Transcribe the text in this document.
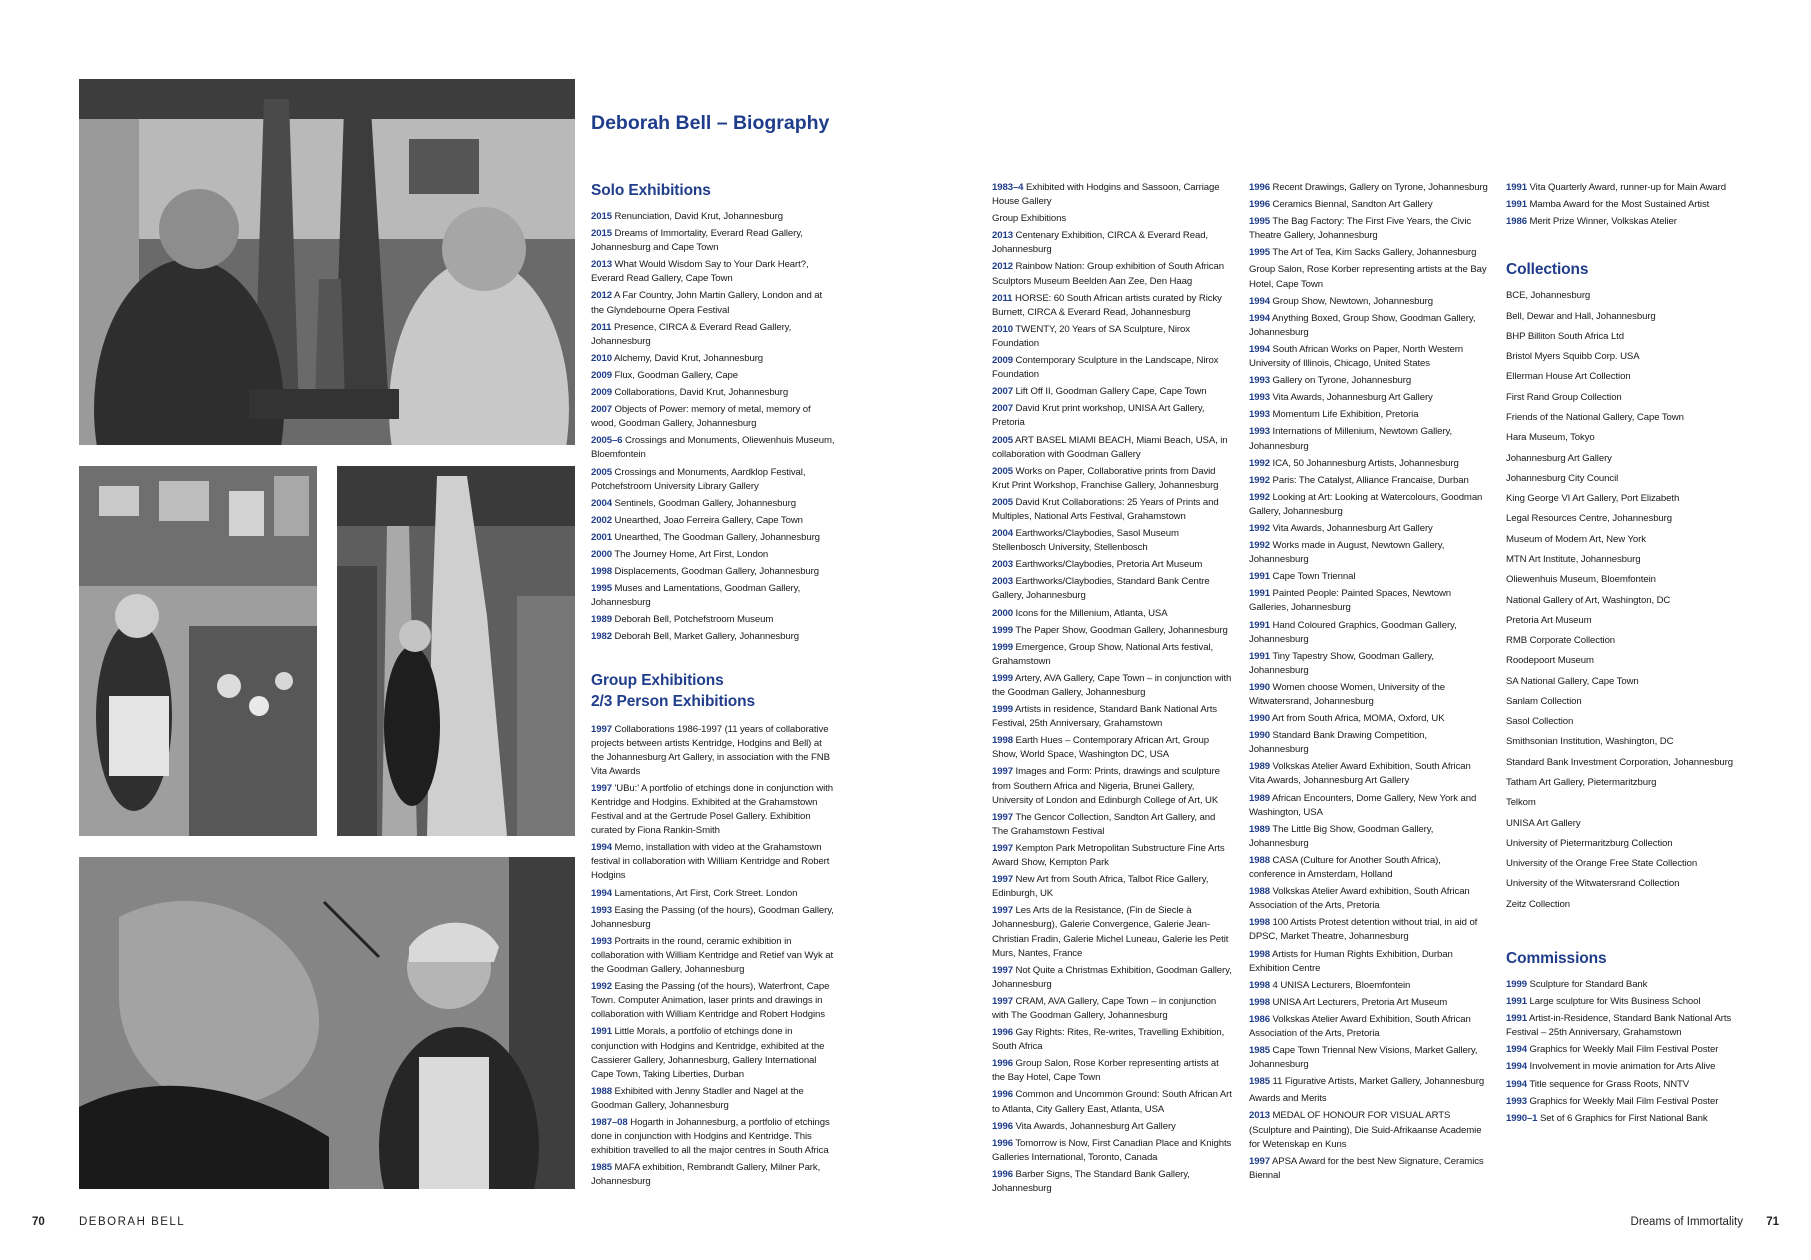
Deborah Bell – Biography
Solo Exhibitions

2015 Renunciation, David Krut, Johannesburg

2015 Dreams of Immortality, Everard Read Gallery, Johannesburg and Cape Town

2013 What Would Wisdom Say to Your Dark Heart?, Everard Read Gallery, Cape Town

2012 A Far Country, John Martin Gallery, London and at the Glyndebourne Opera Festival

2011 Presence, CIRCA & Everard Read Gallery, Johannesburg

2010 Alchemy, David Krut, Johannesburg

2009 Flux, Goodman Gallery, Cape

2009 Collaborations, David Krut, Johannesburg

2007 Objects of Power: memory of metal, memory of wood, Goodman Gallery, Johannesburg

2005–6 Crossings and Monuments, Oliewenhuis Museum, Bloemfontein

2005 Crossings and Monuments, Aardklop Festival, Potchefstroom University Library Gallery

2004 Sentinels, Goodman Gallery, Johannesburg

2002 Unearthed, Joao Ferreira Gallery, Cape Town

2001 Unearthed, The Goodman Gallery, Johannesburg

2000 The Journey Home, Art First, London

1998 Displacements, Goodman Gallery, Johannesburg

1995 Muses and Lamentations, Goodman Gallery, Johannesburg

1989 Deborah Bell, Potchefstroom Museum

1982 Deborah Bell, Market Gallery, Johannesburg

Group Exhibitions
2/3 Person Exhibitions

1997 Collaborations 1986-1997 (11 years of collaborative projects between artists Kentridge, Hodgins and Bell) at the Johannesburg Art Gallery, in association with the FNB Vita Awards

1997 'UBu:' A portfolio of etchings done in conjunction with Kentridge and Hodgins. Exhibited at the Grahamstown Festival and at the Gertrude Posel Gallery. Exhibition curated by Fiona Rankin-Smith

1994 Memo, installation with video at the Grahamstown festival in collaboration with William Kentridge and Robert Hodgins

1994 Lamentations, Art First, Cork Street. London

1993 Easing the Passing (of the hours), Goodman Gallery, Johannesburg

1993 Portraits in the round, ceramic exhibition in collaboration with William Kentridge and Retief van Wyk at the Goodman Gallery, Johannesburg

1992 Easing the Passing (of the hours), Waterfront, Cape Town. Computer Animation, laser prints and drawings in collaboration with William Kentridge and Robert Hodgins

1991 Little Morals, a portfolio of etchings done in conjunction with Hodgins and Kentridge, exhibited at the Cassierer Gallery, Johannesburg, Gallery International Cape Town, Taking Liberties, Durban

1988 Exhibited with Jenny Stadler and Nagel at the Goodman Gallery, Johannesburg

1987–08 Hogarth in Johannesburg, a portfolio of etchings done in conjunction with Hodgins and Kentridge. This exhibition travelled to all the major centres in South Africa

1985 MAFA exhibition, Rembrandt Gallery, Milner Park, Johannesburg

1983–4 Exhibited with Hodgins and Sassoon, Carriage House Gallery

Group Exhibitions

2013 Centenary Exhibition, CIRCA & Everard Read, Johannesburg

2012 Rainbow Nation: Group exhibition of South African Sculptors Museum Beelden Aan Zee, Den Haag

2011 HORSE: 60 South African artists curated by Ricky Burnett, CIRCA & Everard Read, Johannesburg

2010 TWENTY, 20 Years of SA Sculpture, Nirox Foundation

2009 Contemporary Sculpture in the Landscape, Nirox Foundation

2007 Lift Off II, Goodman Gallery Cape, Cape Town

2007 David Krut print workshop, UNISA Art Gallery, Pretoria

2005 ART BASEL MIAMI BEACH, Miami Beach, USA, in collaboration with Goodman Gallery

2005 Works on Paper, Collaborative prints from David Krut Print Workshop, Franchise Gallery, Johannesburg

2005 David Krut Collaborations: 25 Years of Prints and Multiples, National Arts Festival, Grahamstown

2004 Earthworks/Claybodies, Sasol Museum Stellenbosch University, Stellenbosch

2003 Earthworks/Claybodies, Pretoria Art Museum

2003 Earthworks/Claybodies, Standard Bank Centre Gallery, Johannesburg

2000 Icons for the Millenium, Atlanta, USA

1999 The Paper Show, Goodman Gallery, Johannesburg

1999 Emergence, Group Show, National Arts festival, Grahamstown

1999 Artery, AVA Gallery, Cape Town – in conjunction with the Goodman Gallery, Johannesburg

1999 Artists in residence, Standard Bank National Arts Festival, 25th Anniversary, Grahamstown

1998 Earth Hues – Contemporary African Art, Group Show, World Space, Washington DC, USA

1997 Images and Form: Prints, drawings and sculpture from Southern Africa and Nigeria, Brunei Gallery, University of London and Edinburgh College of Art, UK

1997 The Gencor Collection, Sandton Art Gallery, and The Grahamstown Festival

1997 Kempton Park Metropolitan Substructure Fine Arts Award Show, Kempton Park

1997 New Art from South Africa, Talbot Rice Gallery, Edinburgh, UK

1997 Les Arts de la Resistance, (Fin de Siecle à Johannesburg), Galerie Convergence, Galerie Jean-Christian Fradin, Galerie Michel Luneau, Galerie les Petit Murs, Nantes, France

1997 Not Quite a Christmas Exhibition, Goodman Gallery, Johannesburg

1997 CRAM, AVA Gallery, Cape Town – in conjunction with The Goodman Gallery, Johannesburg

1996 Gay Rights: Rites, Re-writes, Travelling Exhibition, South Africa

1996 Group Salon, Rose Korber representing artists at the Bay Hotel, Cape Town

1996 Common and Uncommon Ground: South African Art to Atlanta, City Gallery East, Atlanta, USA

1996 Vita Awards, Johannesburg Art Gallery

1996 Tomorrow is Now, First Canadian Place and Knights Galleries International, Toronto, Canada

1996 Barber Signs, The Standard Bank Gallery, Johannesburg

1996 Recent Drawings, Gallery on Tyrone, Johannesburg

1996 Ceramics Biennal, Sandton Art Gallery

1995 The Bag Factory: The First Five Years, the Civic Theatre Gallery, Johannesburg

1995 The Art of Tea, Kim Sacks Gallery, Johannesburg

Group Salon, Rose Korber representing artists at the Bay Hotel, Cape Town

1994 Group Show, Newtown, Johannesburg

1994 Anything Boxed, Group Show, Goodman Gallery, Johannesburg

1994 South African Works on Paper, North Western University of Illinois, Chicago, United States

1993 Gallery on Tyrone, Johannesburg

1993 Vita Awards, Johannesburg Art Gallery

1993 Momentum Life Exhibition, Pretoria

1993 Internations of Millenium, Newtown Gallery, Johannesburg

1992 ICA, 50 Johannesburg Artists, Johannesburg

1992 Paris: The Catalyst, Alliance Francaise, Durban

1992 Looking at Art: Looking at Watercolours, Goodman Gallery, Johannesburg

1992 Vita Awards, Johannesburg Art Gallery

1992 Works made in August, Newtown Gallery, Johannesburg

1991 Cape Town Triennal

1991 Painted People: Painted Spaces, Newtown Galleries, Johannesburg

1991 Hand Coloured Graphics, Goodman Gallery, Johannesburg

1991 Tiny Tapestry Show, Goodman Gallery, Johannesburg

1990 Women choose Women, University of the Witwatersrand, Johannesburg

1990 Art from South Africa, MOMA, Oxford, UK

1990 Standard Bank Drawing Competition, Johannesburg

1989 Volkskas Atelier Award Exhibition, South African Vita Awards, Johannesburg Art Gallery

1989 African Encounters, Dome Gallery, New York and Washington, USA

1989 The Little Big Show, Goodman Gallery, Johannesburg

1988 CASA (Culture for Another South Africa), conference in Amsterdam, Holland

1988 Volkskas Atelier Award exhibition, South African Association of the Arts, Pretoria

1998 100 Artists Protest detention without trial, in aid of DPSC, Market Theatre, Johannesburg

1998 Artists for Human Rights Exhibition, Durban Exhibition Centre

1998 4 UNISA Lecturers, Bloemfontein

1998 UNISA Art Lecturers, Pretoria Art Museum

1986 Volkskas Atelier Award Exhibition, South African Association of the Arts, Pretoria

1985 Cape Town Triennal New Visions, Market Gallery, Johannesburg

1985 11 Figurative Artists, Market Gallery, Johannesburg

Awards and Merits

2013 MEDAL OF HONOUR FOR VISUAL ARTS (Sculpture and Painting), Die Suid-Afrikaanse Academie for Wetenskap en Kuns

1997 APSA Award for the best New Signature, Ceramics Biennal

1991 Vita Quarterly Award, runner-up for Main Award

1991 Mamba Award for the Most Sustained Artist

1986 Merit Prize Winner, Volkskas Atelier

Collections

BCE, Johannesburg

Bell, Dewar and Hall, Johannesburg

BHP Billiton South Africa Ltd

Bristol Myers Squibb Corp. USA

Ellerman House Art Collection

First Rand Group Collection

Friends of the National Gallery, Cape Town

Hara Museum, Tokyo

Johannesburg Art Gallery

Johannesburg City Council

King George VI Art Gallery, Port Elizabeth

Legal Resources Centre, Johannesburg

Museum of Modern Art, New York

MTN Art Institute, Johannesburg

Oliewenhuis Museum, Bloemfontein

National Gallery of Art, Washington, DC

Pretoria Art Museum

RMB Corporate Collection

Roodepoort Museum

SA National Gallery, Cape Town

Sanlam Collection

Sasol Collection

Smithsonian Institution, Washington, DC

Standard Bank Investment Corporation, Johannesburg

Tatham Art Gallery, Pietermaritzburg

Telkom

UNISA Art Gallery

University of Pietermaritzburg Collection

University of the Orange Free State Collection

University of the Witwatersrand Collection

Zeitz Collection

Commissions

1999 Sculpture for Standard Bank

1991 Large sculpture for Wits Business School

1991 Artist-in-Residence, Standard Bank National Arts Festival – 25th Anniversary, Grahamstown

1994 Graphics for Weekly Mail Film Festival Poster

1994 Involvement in movie animation for Arts Alive

1994 Title sequence for Grass Roots, NNTV

1993 Graphics for Weekly Mail Film Festival Poster

1990–1 Set of 6 Graphics for First National Bank

70	DEBORAH BELL	Dreams of Immortality 71
